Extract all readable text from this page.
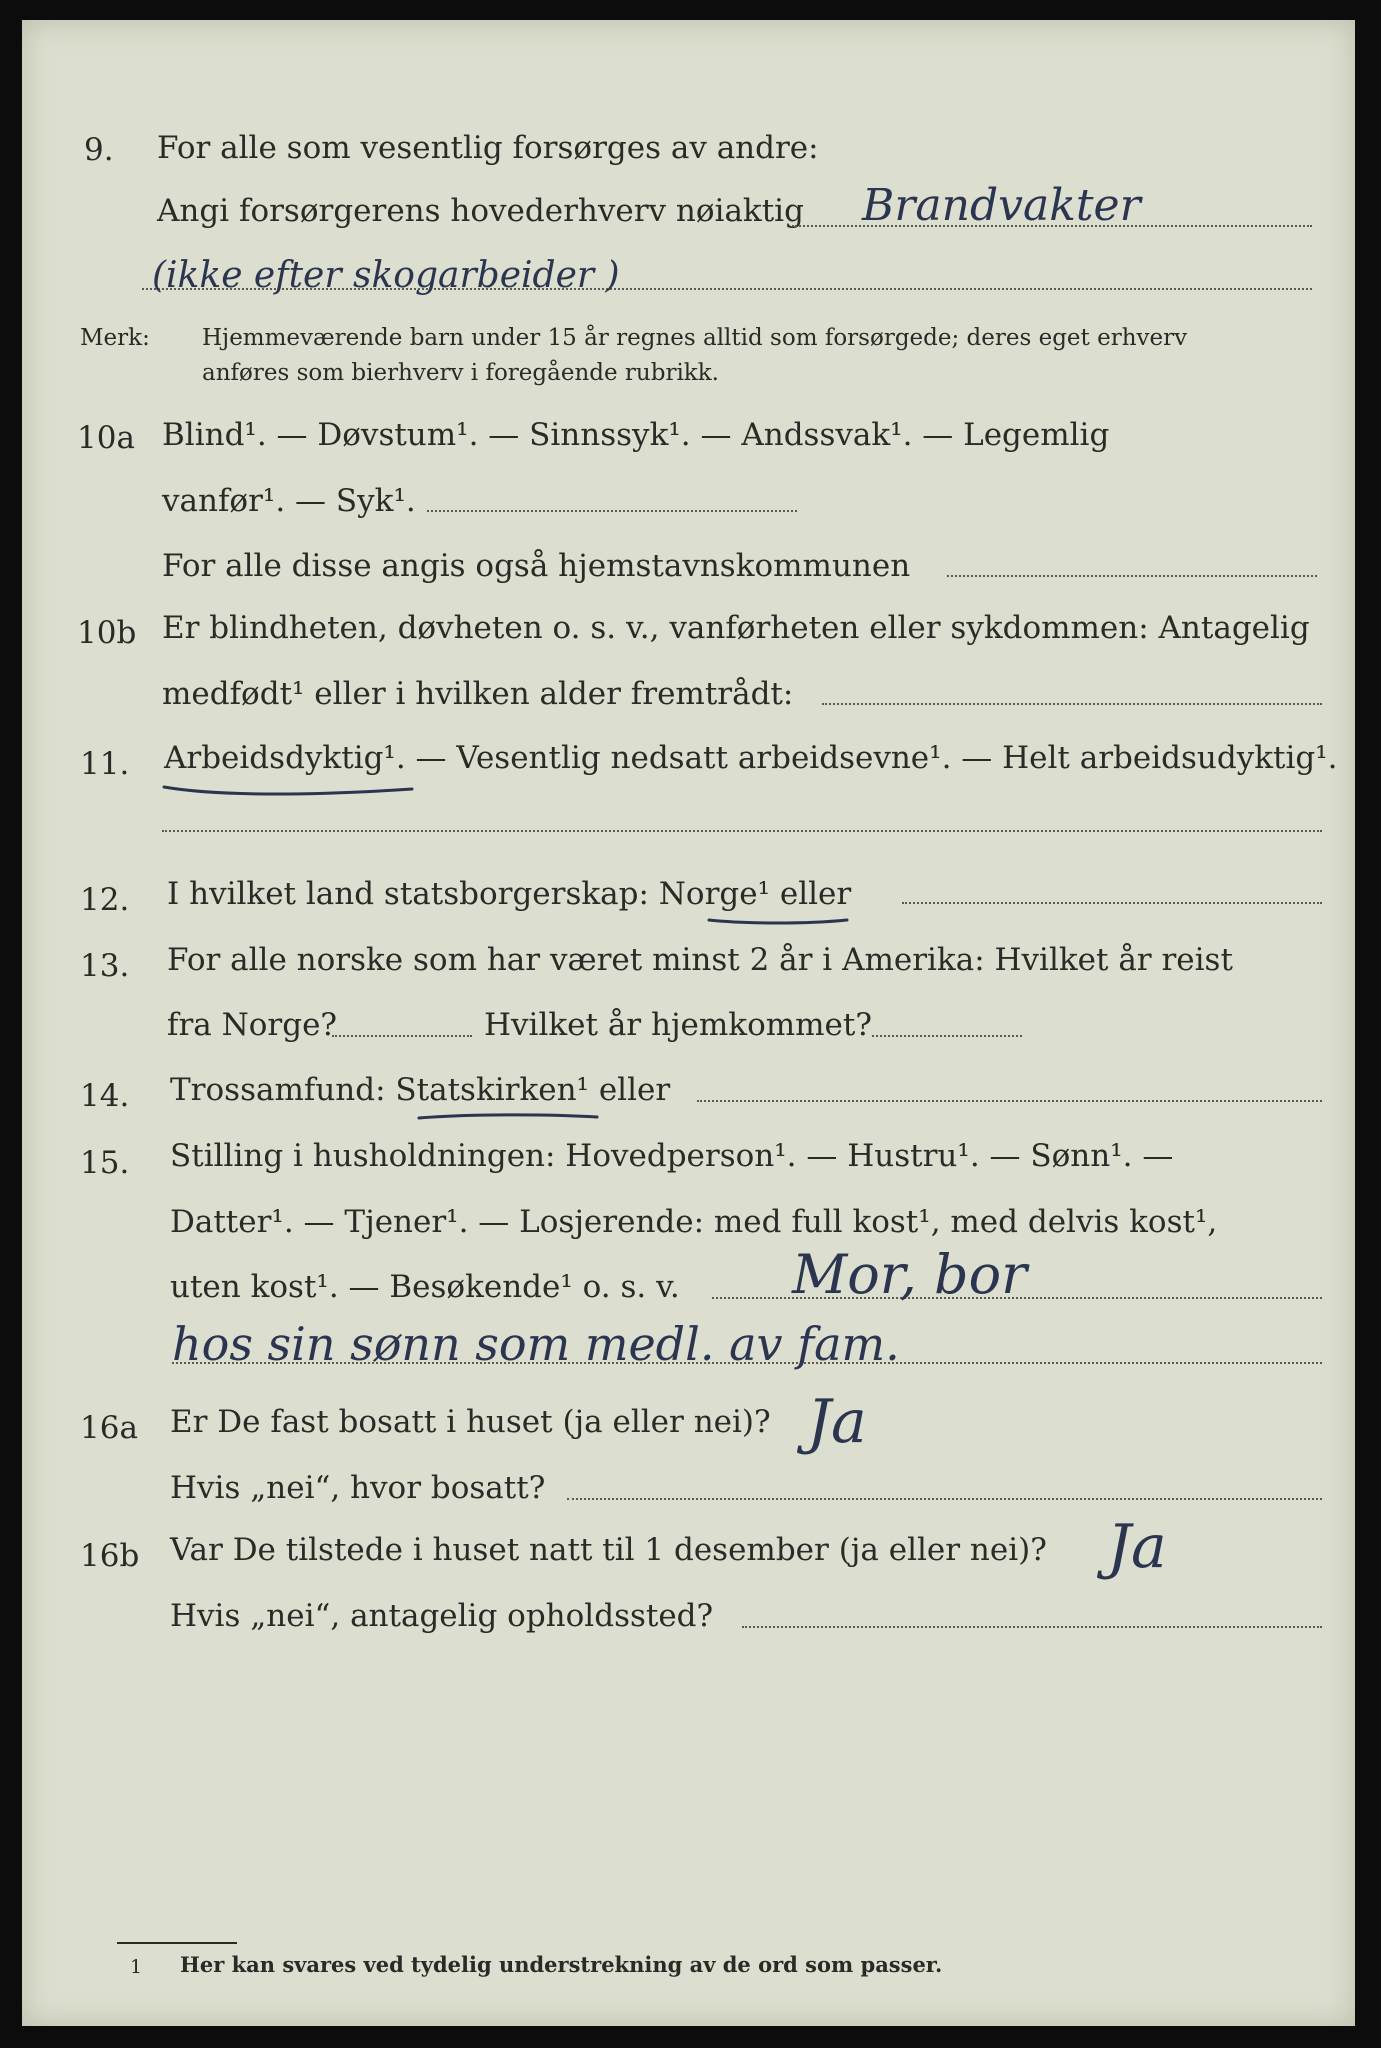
9. For alle som vesentlig forsørges av andre:
Angi forsørgerens hovederhverv nøiaktig Brandvakter
(ikke efter skogarbeider )
Merk: Hjemmeværende barn under 15 år regnes alltid som forsørgede; deres eget erhverv
anføres som bierhverv i foregående rubrikk.
10a Blind¹. — Døvstum¹. — Sinnssyk¹. — Andssvak¹. — Legemlig
vanfør¹. — Syk¹.
For alle disse angis også hjemstavnskommunen
10b Er blindheten, døvheten o. s. v., vanførheten eller sykdommen: Antagelig
medfødt¹ eller i hvilken alder fremtrådt:
11. Arbeidsdyktig¹. — Vesentlig nedsatt arbeidsevne¹. — Helt arbeidsudyktig¹.
12. I hvilket land statsborgerskap: Norge¹ eller
13. For alle norske som har været minst 2 år i Amerika: Hvilket år reist
fra Norge?	Hvilket år hjemkommet?
14. Trossamfund: Statskirken¹ eller
15. Stilling i husholdningen: Hovedperson¹. — Hustru¹. — Sønn¹. —
Datter¹. — Tjener¹. — Losjerende: med full kost¹, med delvis kost¹,
uten kost¹. — Besøkende¹ o. s. v. Mor, bor
hos sin sønn som medl. av fam.
16a Er De fast bosatt i huset (ja eller nei)? Ja
Hvis „nei“, hvor bosatt?
16b Var De tilstede i huset natt til 1 desember (ja eller nei)? Ja
Hvis „nei“, antagelig opholdssted?
1 Her kan svares ved tydelig understrekning av de ord som passer.
